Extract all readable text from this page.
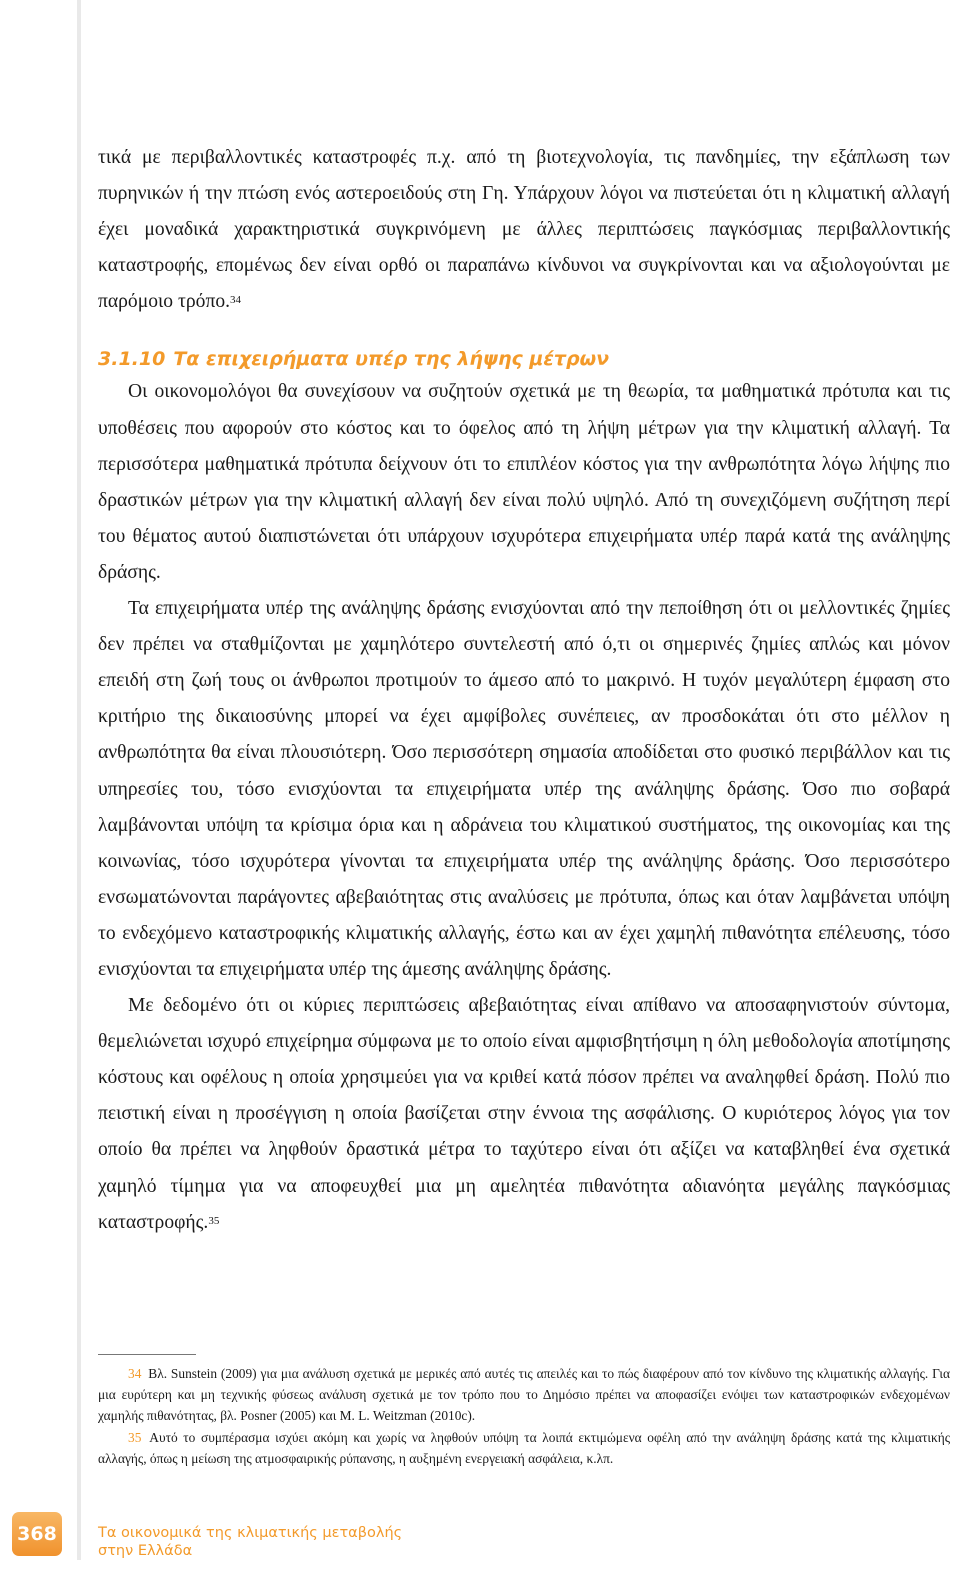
τικά με περιβαλλοντικές καταστροφές π.χ. από τη βιοτεχνολογία, τις πανδημίες, την εξάπλωση των πυρηνικών ή την πτώση ενός αστεροειδούς στη Γη. Υπάρχουν λόγοι να πιστεύεται ότι η κλιματική αλλαγή έχει μοναδικά χαρακτηριστικά συγκρινόμενη με άλλες περιπτώσεις παγκόσμιας περιβαλλοντικής καταστροφής, επομένως δεν είναι ορθό οι παραπάνω κίνδυνοι να συγκρίνονται και να αξιολογούνται με παρόμοιο τρόπο.$^{34}$

3.1.10 Τα επιχειρήματα υπέρ της λήψης μέτρων

Οι οικονομολόγοι θα συνεχίσουν να συζητούν σχετικά με τη θεωρία, τα μαθηματικά πρότυπα και τις υποθέσεις που αφορούν στο κόστος και το όφελος από τη λήψη μέτρων για την κλιματική αλλαγή. Τα περισσότερα μαθηματικά πρότυπα δείχνουν ότι το επιπλέον κόστος για την ανθρωπότητα λόγω λήψης πιο δραστικών μέτρων για την κλιματική αλλαγή δεν είναι πολύ υψηλό. Από τη συνεχιζόμενη συζήτηση περί του θέματος αυτού διαπιστώνεται ότι υπάρχουν ισχυρότερα επιχειρήματα υπέρ παρά κατά της ανάληψης δράσης.

Τα επιχειρήματα υπέρ της ανάληψης δράσης ενισχύονται από την πεποίθηση ότι οι μελλοντικές ζημίες δεν πρέπει να σταθμίζονται με χαμηλότερο συντελεστή από ό,τι οι σημερινές ζημίες απλώς και μόνον επειδή στη ζωή τους οι άνθρωποι προτιμούν το άμεσο από το μακρινό. Η τυχόν μεγαλύτερη έμφαση στο κριτήριο της δικαιοσύνης μπορεί να έχει αμφίβολες συνέπειες, αν προσδοκάται ότι στο μέλλον η ανθρωπότητα θα είναι πλουσιότερη. Όσο περισσότερη σημασία αποδίδεται στο φυσικό περιβάλλον και τις υπηρεσίες του, τόσο ενισχύονται τα επιχειρήματα υπέρ της ανάληψης δράσης. Όσο πιο σοβαρά λαμβάνονται υπόψη τα κρίσιμα όρια και η αδράνεια του κλιματικού συστήματος, της οικονομίας και της κοινωνίας, τόσο ισχυρότερα γίνονται τα επιχειρήματα υπέρ της ανάληψης δράσης. Όσο περισσότερο ενσωματώνονται παράγοντες αβεβαιότητας στις αναλύσεις με πρότυπα, όπως και όταν λαμβάνεται υπόψη το ενδεχόμενο καταστροφικής κλιματικής αλλαγής, έστω και αν έχει χαμηλή πιθανότητα επέλευσης, τόσο ενισχύονται τα επιχειρήματα υπέρ της άμεσης ανάληψης δράσης.

Με δεδομένο ότι οι κύριες περιπτώσεις αβεβαιότητας είναι απίθανο να αποσαφηνιστούν σύντομα, θεμελιώνεται ισχυρό επιχείρημα σύμφωνα με το οποίο είναι αμφισβητήσιμη η όλη μεθοδολογία αποτίμησης κόστους και οφέλους η οποία χρησιμεύει για να κριθεί κατά πόσον πρέπει να αναληφθεί δράση. Πολύ πιο πειστική είναι η προσέγγιση η οποία βασίζεται στην έννοια της ασφάλισης. Ο κυριότερος λόγος για τον οποίο θα πρέπει να ληφθούν δραστικά μέτρα το ταχύτερο είναι ότι αξίζει να καταβληθεί ένα σχετικά χαμηλό τίμημα για να αποφευχθεί μια μη αμελητέα πιθανότητα αδιανόητα μεγάλης παγκόσμιας καταστροφής.$^{35}$

34 Βλ. Sunstein (2009) για μια ανάλυση σχετικά με μερικές από αυτές τις απειλές και το πώς διαφέρουν από τον κίνδυνο της κλιματικής αλλαγής. Για μια ευρύτερη και μη τεχνικής φύσεως ανάλυση σχετικά με τον τρόπο που το Δημόσιο πρέπει να αποφασίζει ενόψει των καταστροφικών ενδεχομένων χαμηλής πιθανότητας, βλ. Posner (2005) και M. L. Weitzman (2010c).

35 Αυτό το συμπέρασμα ισχύει ακόμη και χωρίς να ληφθούν υπόψη τα λοιπά εκτιμώμενα οφέλη από την ανάληψη δράσης κατά της κλιματικής αλλαγής, όπως η μείωση της ατμοσφαιρικής ρύπανσης, η αυξημένη ενεργειακή ασφάλεια, κ.λπ.

368	Τα οικονομικά της κλιματικής μεταβολής
στην Ελλάδα
